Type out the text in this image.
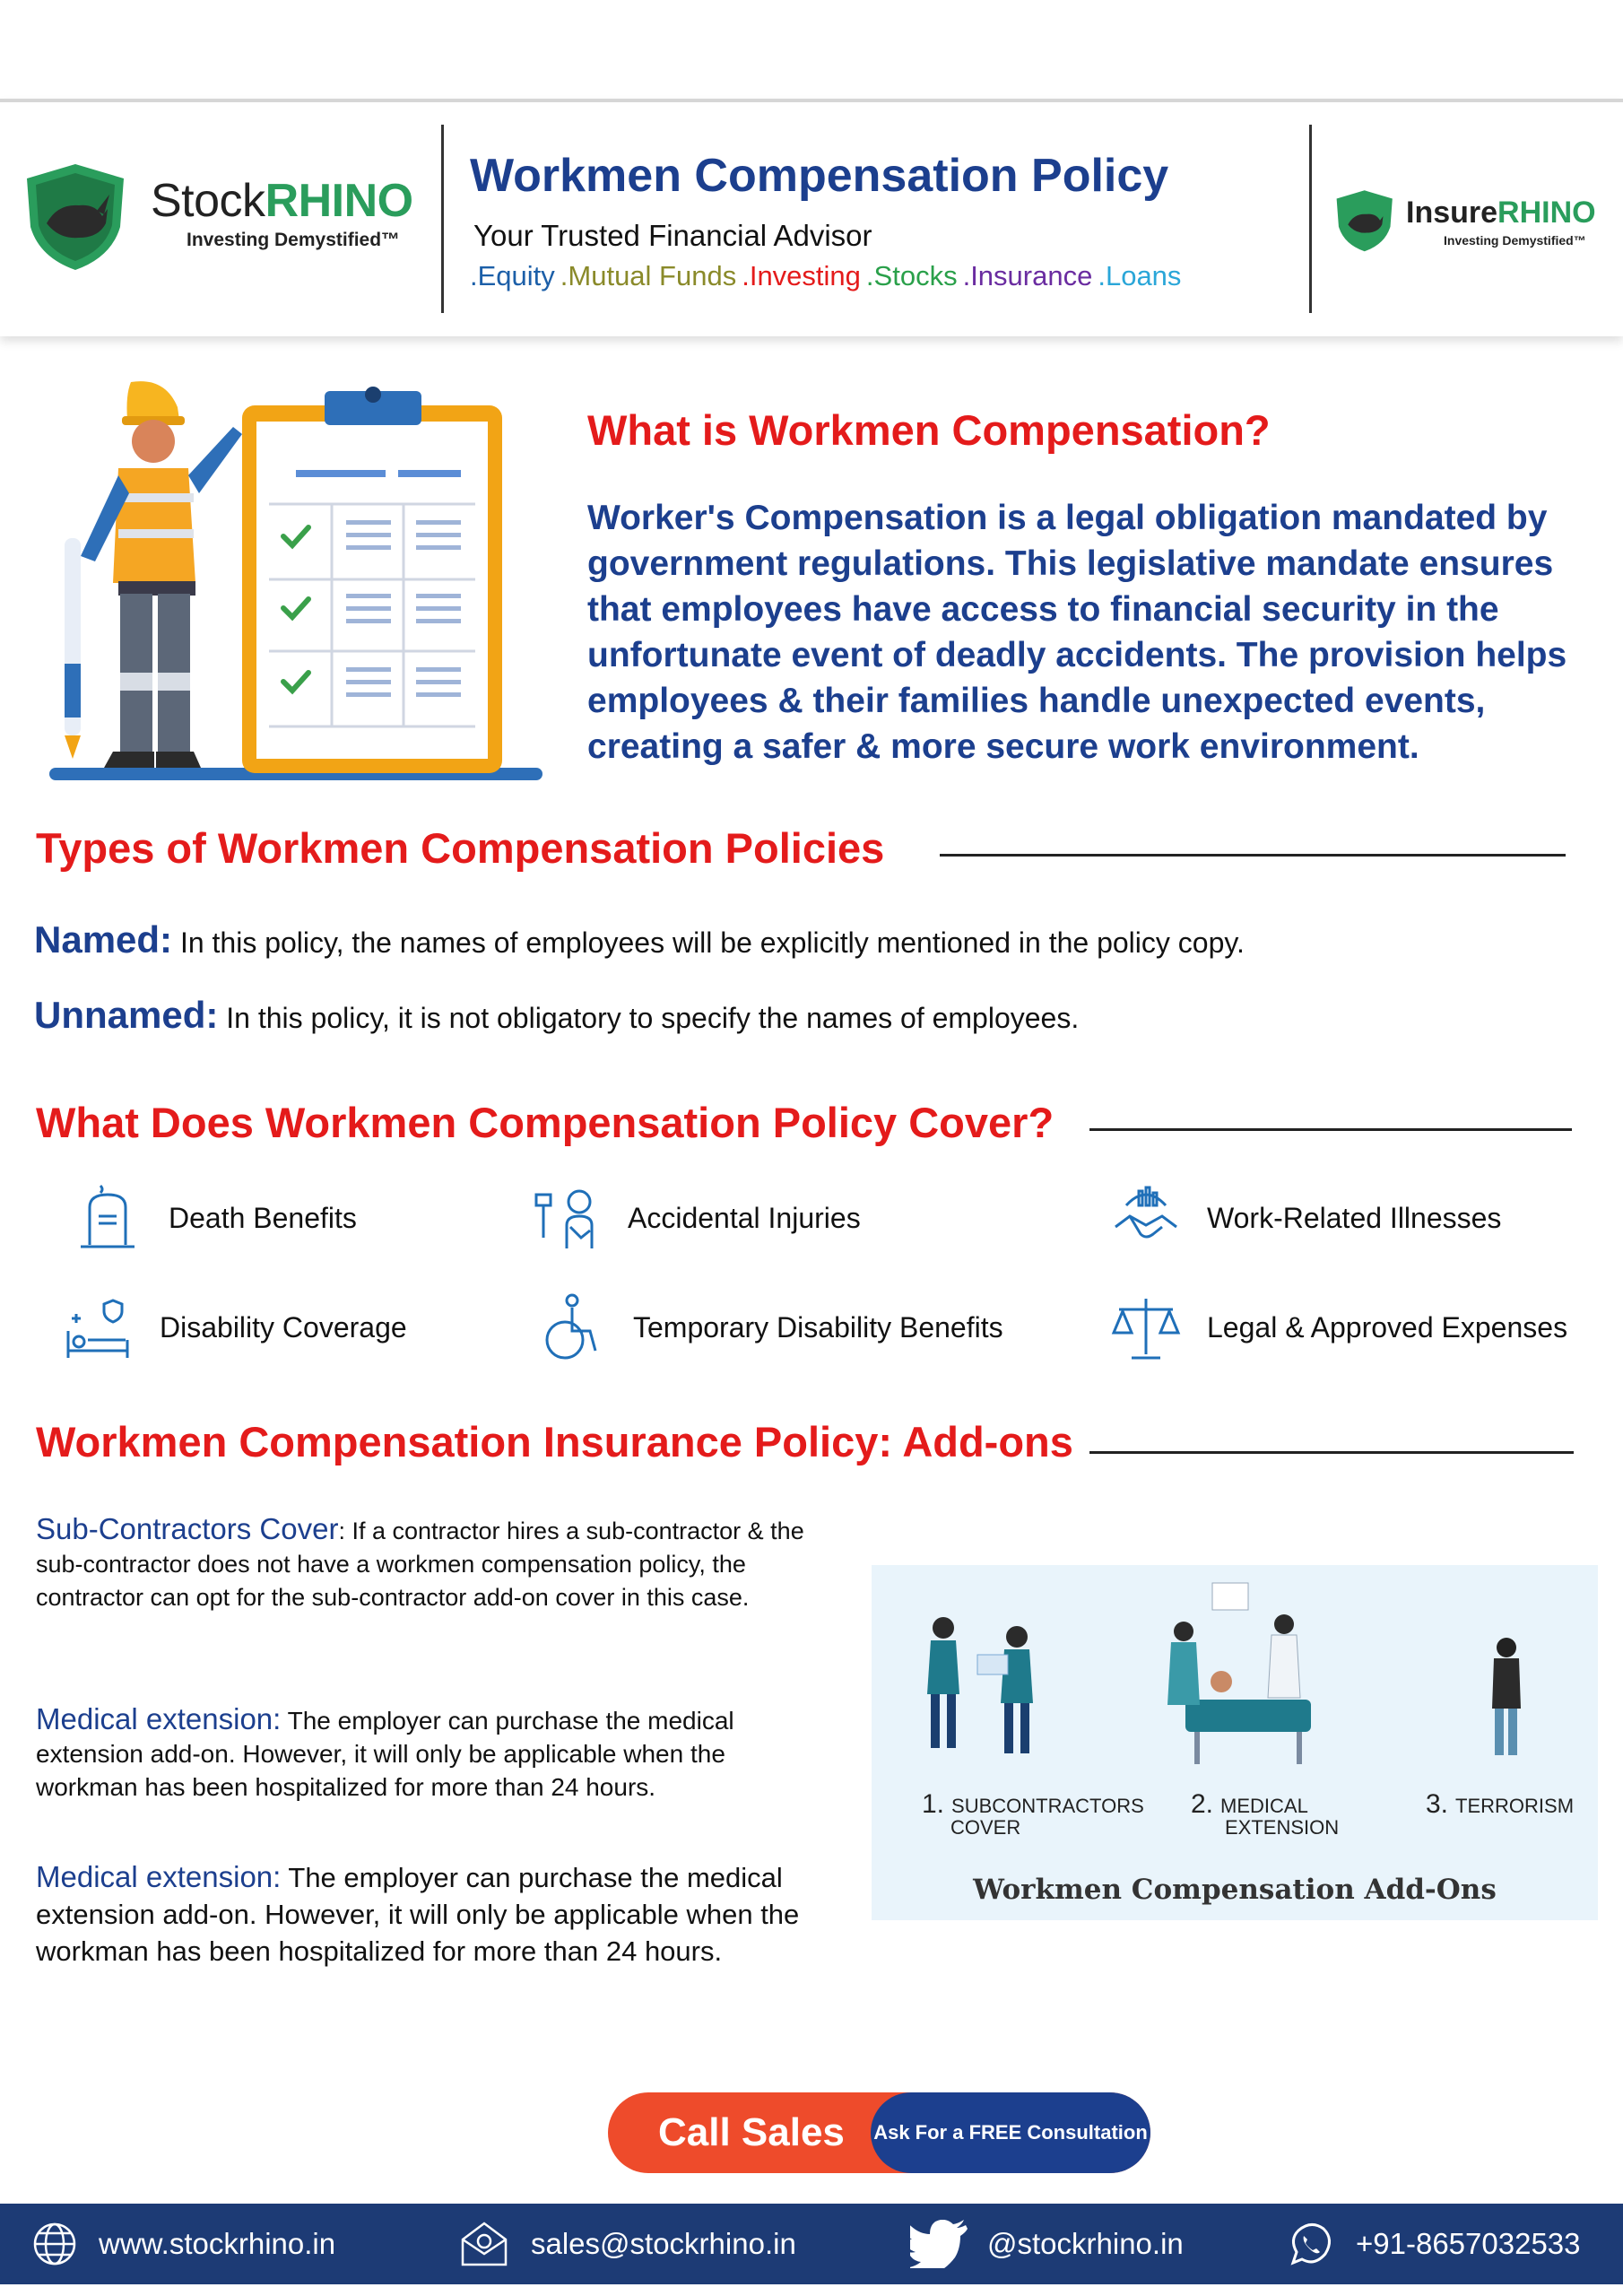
StockRHINO
Investing Demystified™
Workmen Compensation Policy
Your Trusted Financial Advisor
.Equity .Mutual Funds .Investing .Stocks .Insurance .Loans
InsureRHINO
Investing Demystified™
What is Workmen Compensation?
Worker's Compensation is a legal obligation mandated by government regulations. This legislative mandate ensures that employees have access to financial security in the unfortunate event of deadly accidents. The provision helps employees & their families handle unexpected events, creating a safer & more secure work environment.
Types of Workmen Compensation Policies
Named: In this policy, the names of employees will be explicitly mentioned in the policy copy.
Unnamed: In this policy, it is not obligatory to specify the names of employees.
What Does Workmen Compensation Policy Cover?
Death Benefits	Accidental Injuries	Work-Related Illnesses
Disability Coverage	Temporary Disability Benefits	Legal & Approved Expenses
Workmen Compensation Insurance Policy: Add-ons
Sub-Contractors Cover: If a contractor hires a sub-contractor & the sub-contractor does not have a workmen compensation policy, the contractor can opt for the sub-contractor add-on cover in this case.
Medical extension: The employer can purchase the medical extension add-on. However, it will only be applicable when the workman has been hospitalized for more than 24 hours.
Medical extension: The employer can purchase the medical extension add-on. However, it will only be applicable when the workman has been hospitalized for more than 24 hours.
1. SUBCONTRACTORS
COVER
2. MEDICAL
EXTENSION
3. TERRORISM
Workmen Compensation Add-Ons
Call Sales Ask For a FREE Consultation
www.stockrhino.in	sales@stockrhino.in	@stockrhino.in	+91-8657032533
